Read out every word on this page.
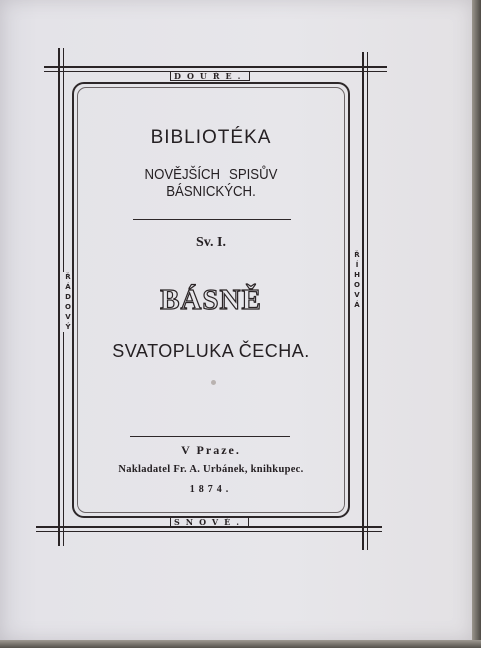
DOUŘE.
SNOVĚ.
Ř
Á
D
O
V
Ý
Ř
Í
H
O
V
Á
BIBLIOTÉKA
NOVĚJŠÍCH SPISŮV BÁSNICKÝCH.
Sv. I.
BÁSNĚ
SVATOPLUKA ČECHA.
V Praze.
Nakladatel Fr. A. Urbánek, knihkupec.
1874.
